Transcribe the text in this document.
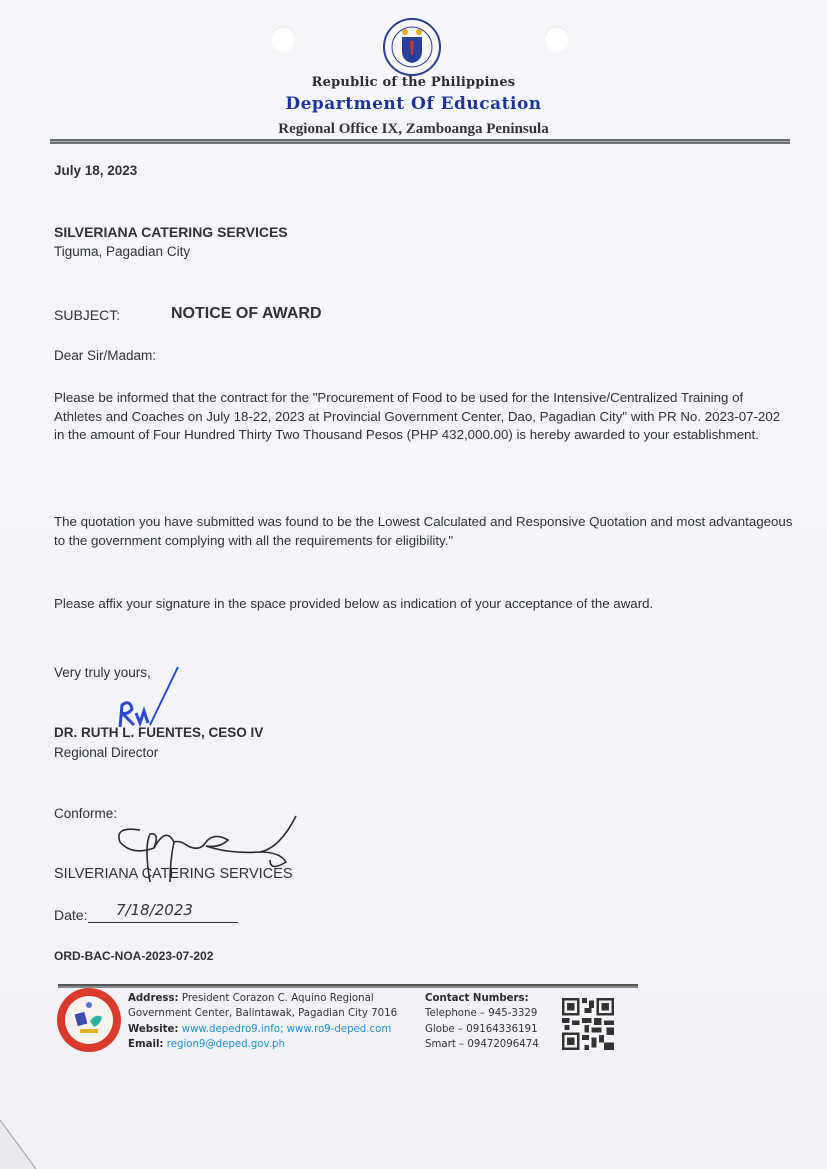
Republic of the Philippines
Department Of Education
Regional Office IX, Zamboanga Peninsula
July 18, 2023
SILVERIANA CATERING SERVICES
Tiguma, Pagadian City
SUBJECT:	NOTICE OF AWARD
Dear Sir/Madam:
Please be informed that the contract for the "Procurement of Food to be used for the Intensive/Centralized Training of Athletes and Coaches on July 18-22, 2023 at Provincial Government Center, Dao, Pagadian City" with PR No. 2023-07-202 in the amount of Four Hundred Thirty Two Thousand Pesos (PHP 432,000.00) is hereby awarded to your establishment.
The quotation you have submitted was found to be the Lowest Calculated and Responsive Quotation and most advantageous to the government complying with all the requirements for eligibility."
Please affix your signature in the space provided below as indication of your acceptance of the award.
Very truly yours,
DR. RUTH L. FUENTES, CESO IV
Regional Director
Conforme:
SILVERIANA CATERING SERVICES
Date: 7/18/2023
ORD-BAC-NOA-2023-07-202
Address: President Corazon C. Aquino Regional
Government Center, Balintawak, Pagadian City 7016
Website: www.depedro9.info; www.ro9-deped.com
Email: region9@deped.gov.ph
Contact Numbers:
Telephone – 945-3329
Globe – 09164336191
Smart – 09472096474
